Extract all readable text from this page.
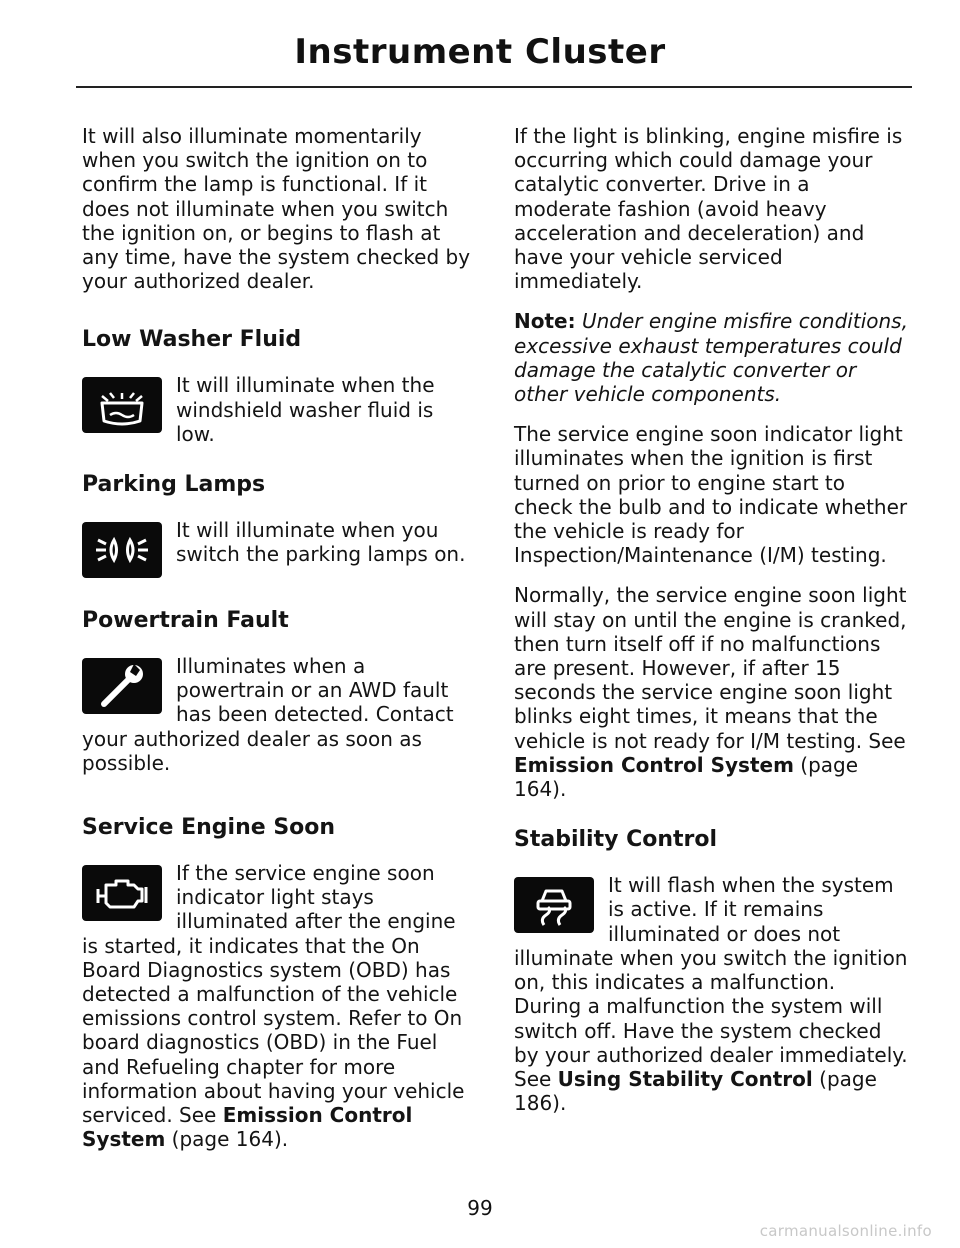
Instrument Cluster

It will also illuminate momentarily when you switch the ignition on to confirm the lamp is functional. If it does not illuminate when you switch the ignition on, or begins to flash at any time, have the system checked by your authorized dealer.

Low Washer Fluid
It will illuminate when the windshield washer fluid is low.
Parking Lamps
It will illuminate when you switch the parking lamps on.
Powertrain Fault
Illuminates when a powertrain or an AWD fault has been detected. Contact your authorized dealer as soon as possible.
Service Engine Soon
If the service engine soon indicator light stays illuminated after the engine is started, it indicates that the On Board Diagnostics system (OBD) has detected a malfunction of the vehicle emissions control system. Refer to On board diagnostics (OBD) in the Fuel and Refueling chapter for more information about having your vehicle serviced. See Emission Control System (page 164).

If the light is blinking, engine misfire is occurring which could damage your catalytic converter. Drive in a moderate fashion (avoid heavy acceleration and deceleration) and have your vehicle serviced immediately.

Note: Under engine misfire conditions, excessive exhaust temperatures could damage the catalytic converter or other vehicle components.

The service engine soon indicator light illuminates when the ignition is first turned on prior to engine start to check the bulb and to indicate whether the vehicle is ready for Inspection/Maintenance (I/M) testing.

Normally, the service engine soon light will stay on until the engine is cranked, then turn itself off if no malfunctions are present. However, if after 15 seconds the service engine soon light blinks eight times, it means that the vehicle is not ready for I/M testing. See Emission Control System (page 164).

Stability Control
It will flash when the system is active. If it remains illuminated or does not illuminate when you switch the ignition on, this indicates a malfunction. During a malfunction the system will switch off. Have the system checked by your authorized dealer immediately. See Using Stability Control (page 186).
99
carmanualsonline.info
